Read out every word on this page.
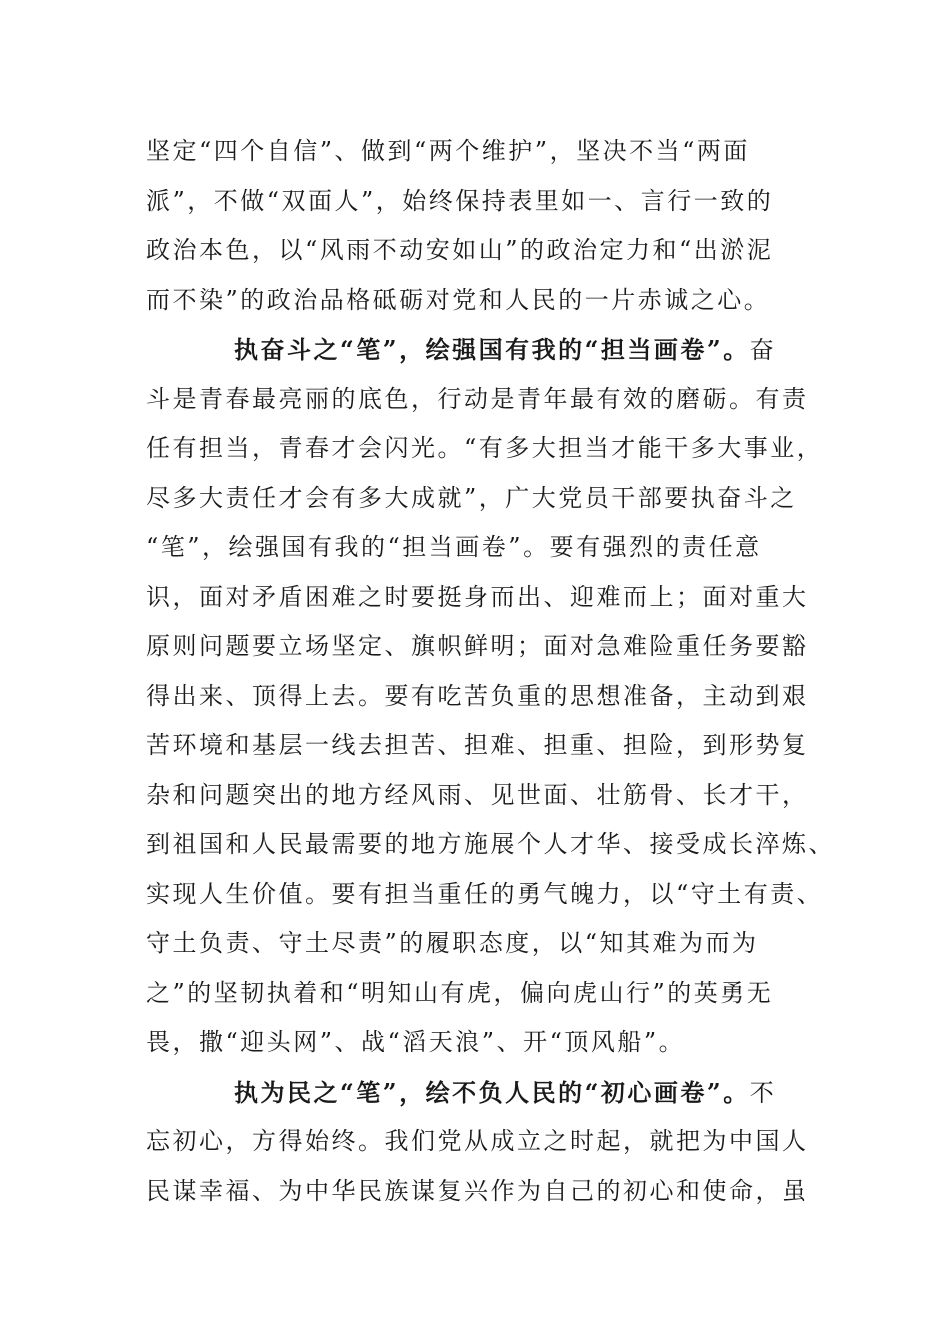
坚定“四个自信”、做到“两个维护”，坚决不当“两面
派”，不做“双面人”，始终保持表里如一、言行一致的
政治本色，以“风雨不动安如山”的政治定力和“出淤泥
而不染”的政治品格砥砺对党和人民的一片赤诚之心。
执奋斗之“笔”，绘强国有我的“担当画卷”。奋
斗是青春最亮丽的底色，行动是青年最有效的磨砺。有责
任有担当，青春才会闪光。“有多大担当才能干多大事业，
尽多大责任才会有多大成就”，广大党员干部要执奋斗之
“笔”，绘强国有我的“担当画卷”。要有强烈的责任意
识，面对矛盾困难之时要挺身而出、迎难而上；面对重大
原则问题要立场坚定、旗帜鲜明；面对急难险重任务要豁
得出来、顶得上去。要有吃苦负重的思想准备，主动到艰
苦环境和基层一线去担苦、担难、担重、担险，到形势复
杂和问题突出的地方经风雨、见世面、壮筋骨、长才干，
到祖国和人民最需要的地方施展个人才华、接受成长淬炼、
实现人生价值。要有担当重任的勇气魄力，以“守土有责、
守土负责、守土尽责”的履职态度，以“知其难为而为
之”的坚韧执着和“明知山有虎，偏向虎山行”的英勇无
畏，撒“迎头网”、战“滔天浪”、开“顶风船”。
执为民之“笔”，绘不负人民的“初心画卷”。不
忘初心，方得始终。我们党从成立之时起，就把为中国人
民谋幸福、为中华民族谋复兴作为自己的初心和使命，虽
